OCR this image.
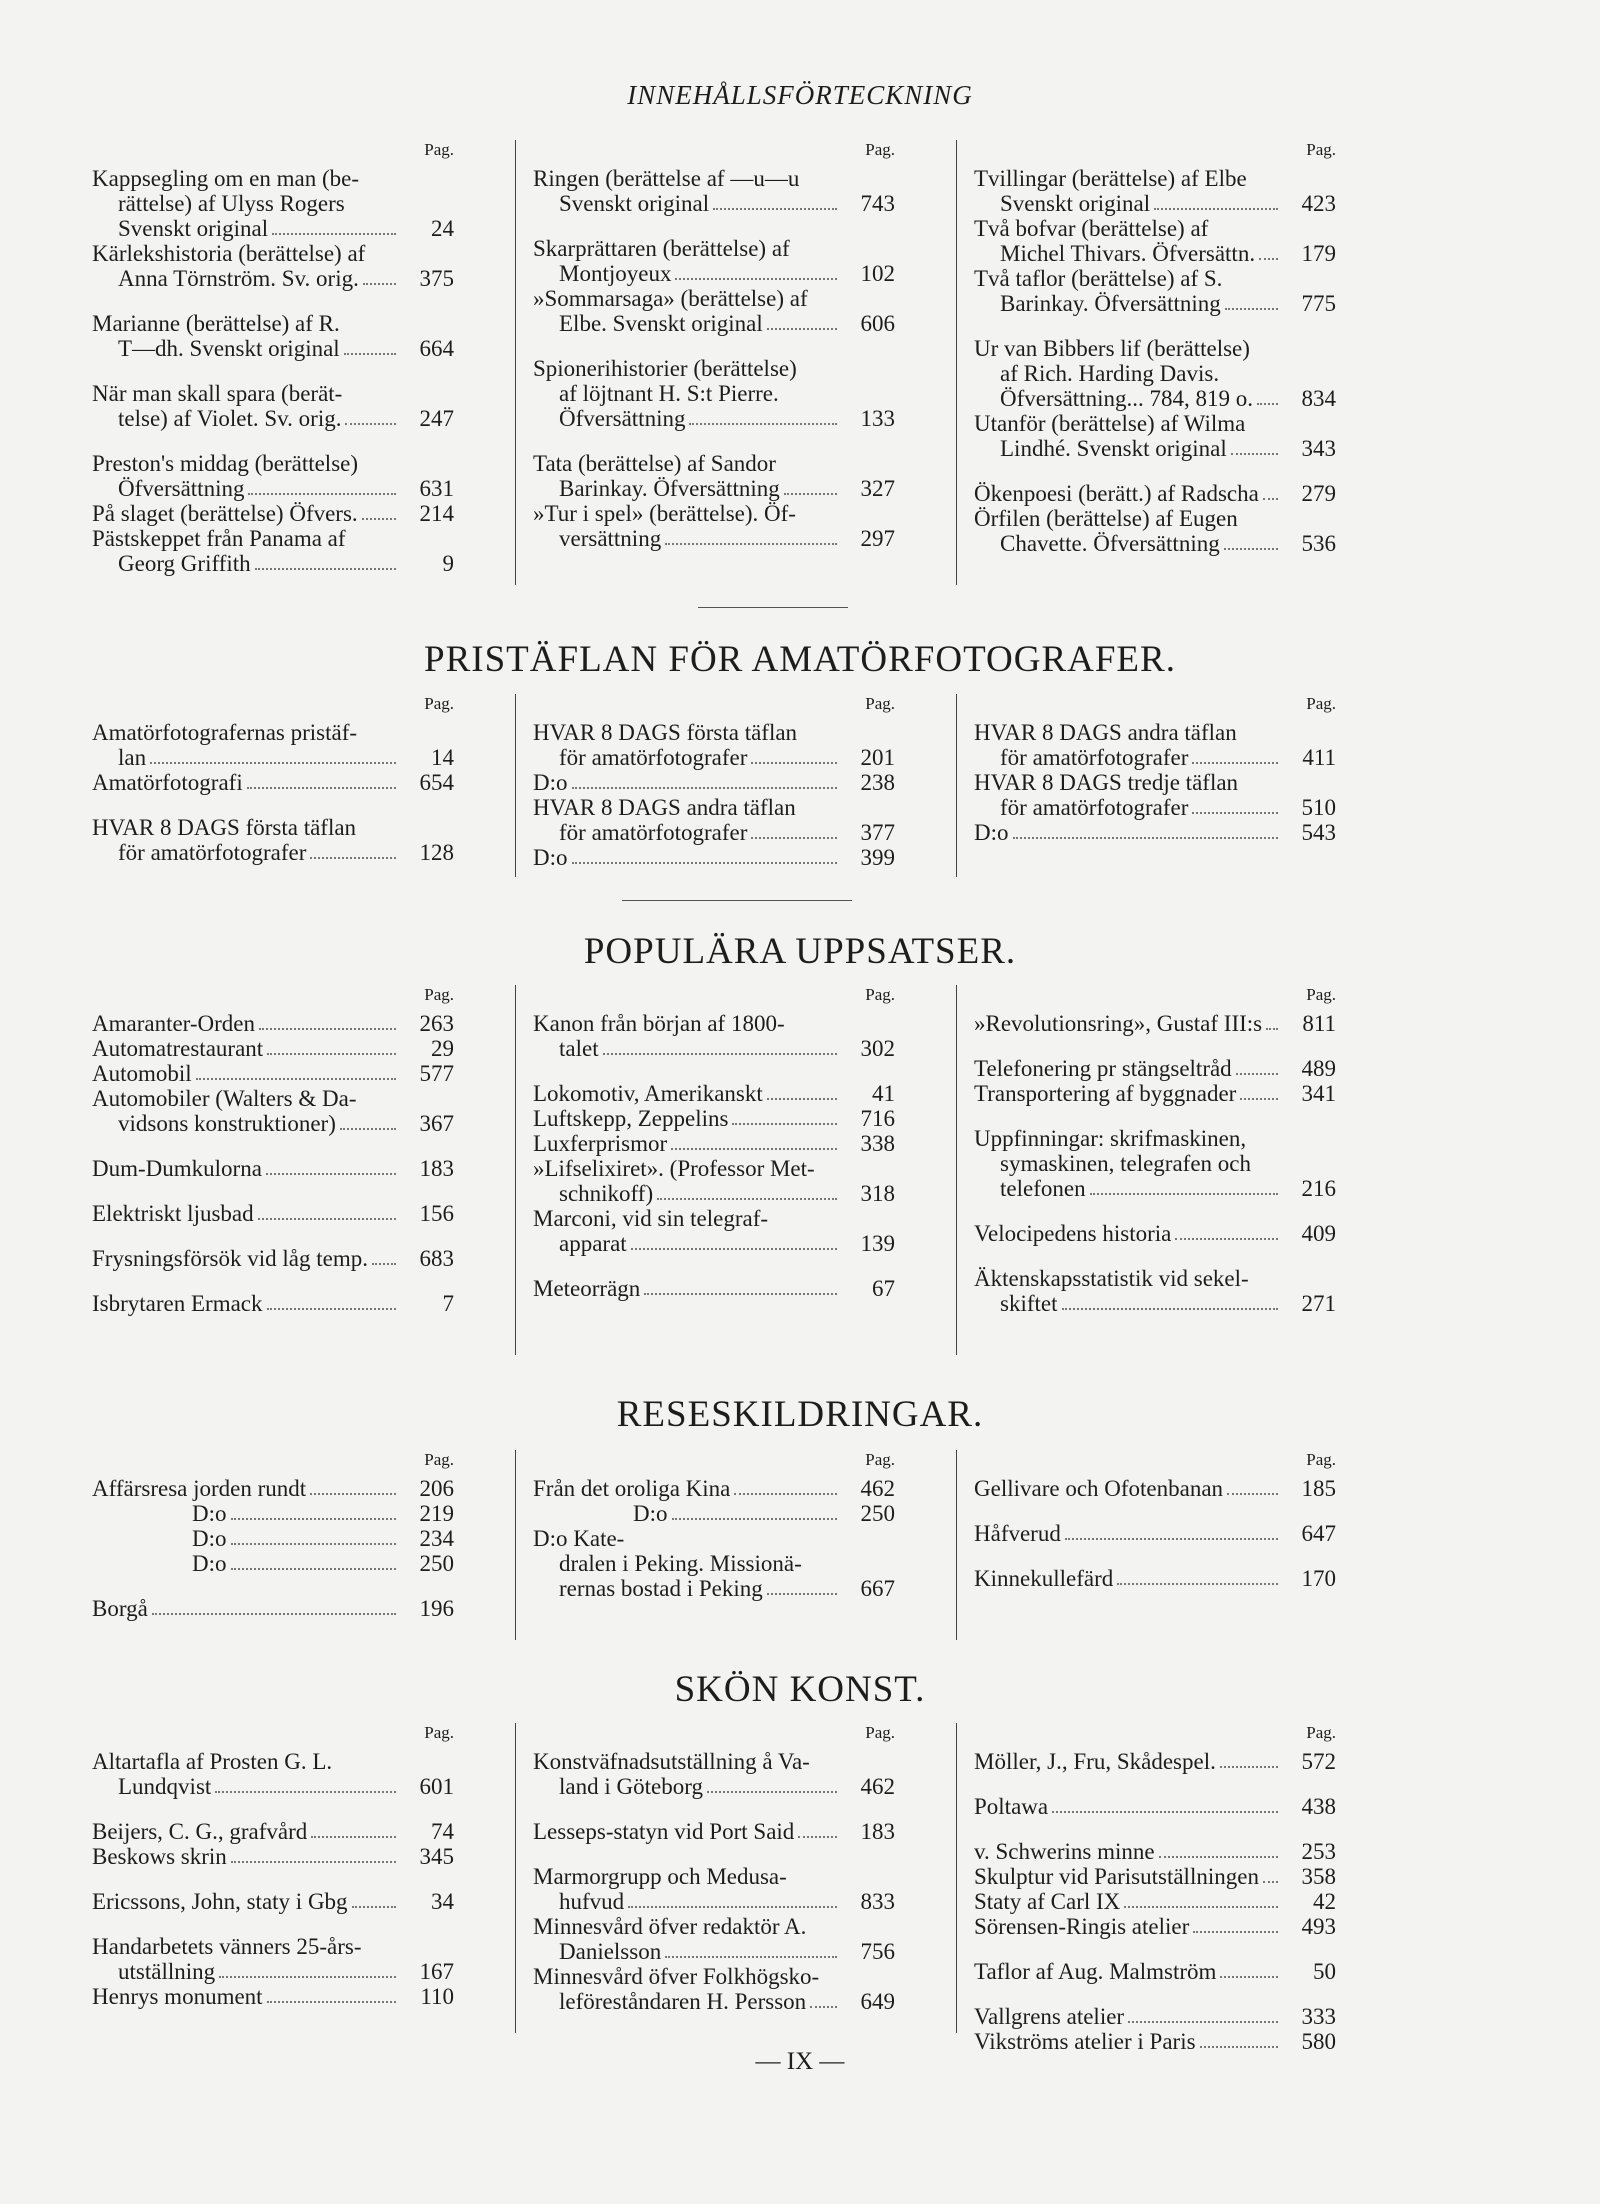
INNEHÅLLSFÖRTECKNING
Pag.
Kappsegling om en man (be-
rättelse) af Ulyss Rogers
Svenskt original	24
Kärlekshistoria (berättelse) af
Anna Törnström. Sv. orig.	375
Marianne (berättelse) af R.
T—dh. Svenskt original	664
När man skall spara (berät-
telse) af Violet. Sv. orig.	247
Preston's middag (berättelse)
Öfversättning	631
På slaget (berättelse) Öfvers.	214
Pästskeppet från Panama af
Georg Griffith	9
Pag.
Ringen (berättelse af —u—u
Svenskt original	743
Skarprättaren (berättelse) af
Montjoyeux	102
»Sommarsaga» (berättelse) af
Elbe. Svenskt original	606
Spionerihistorier (berättelse)
af löjtnant H. S:t Pierre.
Öfversättning	133
Tata (berättelse) af Sandor
Barinkay. Öfversättning	327
»Tur i spel» (berättelse). Öf-
versättning	297
Pag.
Tvillingar (berättelse) af Elbe
Svenskt original	423
Två bofvar (berättelse) af
Michel Thivars. Öfversättn.	179
Två taflor (berättelse) af S.
Barinkay. Öfversättning	775
Ur van Bibbers lif (berättelse)
af Rich. Harding Davis.
Öfversättning... 784, 819 o.	834
Utanför (berättelse) af Wilma
Lindhé. Svenskt original	343
Ökenpoesi (berätt.) af Radscha	279
Örfilen (berättelse) af Eugen
Chavette. Öfversättning	536
PRISTÄFLAN FÖR AMATÖRFOTOGRAFER.
Pag.
Amatörfotografernas pristäf-
lan	14
Amatörfotografi	654
HVAR 8 DAGS första täflan
för amatörfotografer	128
Pag.
HVAR 8 DAGS första täflan
för amatörfotografer	201
D:o	238
HVAR 8 DAGS andra täflan
för amatörfotografer	377
D:o	399
Pag.
HVAR 8 DAGS andra täflan
för amatörfotografer	411
HVAR 8 DAGS tredje täflan
för amatörfotografer	510
D:o	543
POPULÄRA UPPSATSER.
Pag.
Amaranter-Orden	263
Automatrestaurant	29
Automobil	577
Automobiler (Walters & Da-
vidsons konstruktioner)	367
Dum-Dumkulorna	183
Elektriskt ljusbad	156
Frysningsförsök vid låg temp.	683
Isbrytaren Ermack	7
Pag.
Kanon från början af 1800-
talet	302
Lokomotiv, Amerikanskt	41
Luftskepp, Zeppelins	716
Luxferprismor	338
»Lifselixiret». (Professor Met-
schnikoff)	318
Marconi, vid sin telegraf-
apparat	139
Meteorrägn	67
Pag.
»Revolutionsring», Gustaf III:s	811
Telefonering pr stängseltråd	489
Transportering af byggnader	341
Uppfinningar: skrifmaskinen,
symaskinen, telegrafen och
telefonen	216
Velocipedens historia	409
Äktenskapsstatistik vid sekel-
skiftet	271
RESESKILDRINGAR.
Pag.
Affärsresa jorden rundt	206
D:o	219
D:o	234
D:o	250
Borgå	196
Pag.
Från det oroliga Kina	462
D:o	250
D:o Kate-
dralen i Peking. Missionä-
rernas bostad i Peking	667
Pag.
Gellivare och Ofotenbanan	185
Håfverud	647
Kinnekullefärd	170
SKÖN KONST.
Pag.
Altartafla af Prosten G. L.
Lundqvist	601
Beijers, C. G., grafvård	74
Beskows skrin	345
Ericssons, John, staty i Gbg	34
Handarbetets vänners 25-års-
utställning	167
Henrys monument	110
Pag.
Konstväfnadsutställning å Va-
land i Göteborg	462
Lesseps-statyn vid Port Said	183
Marmorgrupp och Medusa-
hufvud	833
Minnesvård öfver redaktör A.
Danielsson	756
Minnesvård öfver Folkhögsko-
leföreståndaren H. Persson	649
Pag.
Möller, J., Fru, Skådespel.	572
Poltawa	438
v. Schwerins minne	253
Skulptur vid Parisutställningen	358
Staty af Carl IX	42
Sörensen-Ringis atelier	493
Taflor af Aug. Malmström	50
Vallgrens atelier	333
Vikströms atelier i Paris	580
— IX —
